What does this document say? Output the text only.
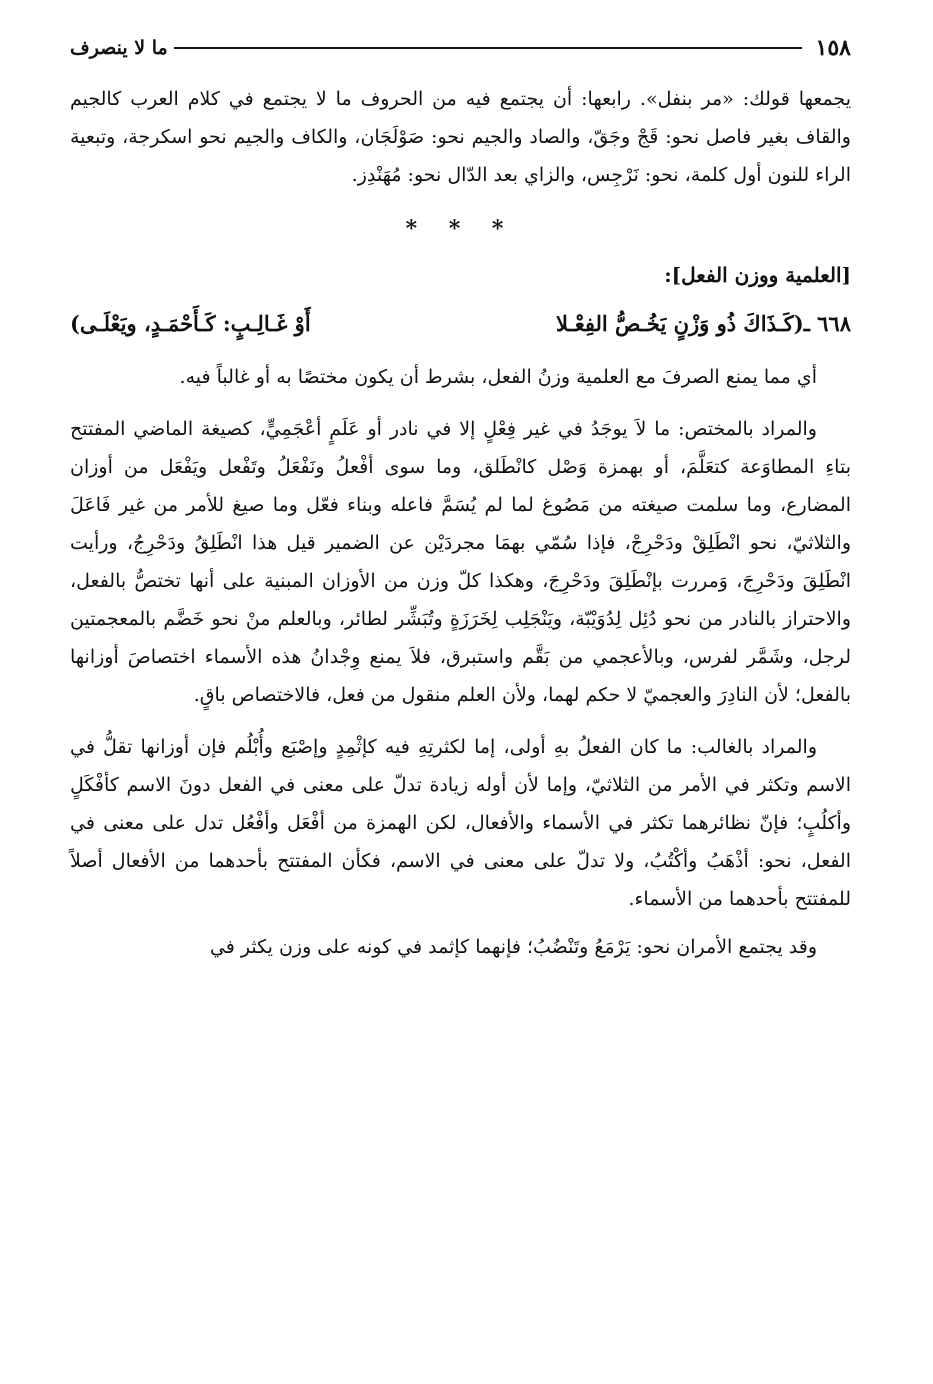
١٥٨
ما لا ينصرف

يجمعها قولك: «مر بنفل». رابعها: أن يجتمع فيه من الحروف ما لا يجتمع في كلام العرب كالجيم والقاف بغير فاصل نحو: قَجْ وجَقّ، والصاد والجيم نحو: صَوْلَجَان، والكاف والجيم نحو اسكرجة، وتبعية الراء للنون أول كلمة، نحو: نَرْجِس، والزاي بعد الدّال نحو: مُهَنْدِز.

* * *
[العلمية ووزن الفعل]:
٦٦٨ ـ
(كَـذَاكَ ذُو وَزْنٍ يَخُـصُّ الفِعْـلا
أَوْ غَـالِـبٍ: كَـأَحْمَـدٍ، ويَعْلَـى)

أي مما يمنع الصرفَ مع العلمية وزنُ الفعل، بشرط أن يكون مختصًا به أو غالباً فيه.

والمراد بالمختص: ما لاَ يوجَدُ في غير فِعْلٍ إلا في نادر أو عَلَمٍ أعْجَمِيٍّ، كصيغة الماضي المفتتح بتاءِ المطاوَعة كتعَلَّمَ، أو بهمزة وَصْل كانْطَلق، وما سوى أفْعلُ ونَفْعَلُ وتَفْعل ويَفْعَل من أوزان المضارع، وما سلمت صيغته من مَصُوغ لما لم يُسَمَّ فاعله وبناء فعّل وما صيغ للأمر من غير فَاعَلَ والثلاثيّ، نحو انْطَلِقْ ودَحْرِجْ، فإذا سُمّي بهمَا مجردَيْن عن الضمير قيل هذا انْطَلِقُ ودَحْرِجُ، ورأيت انْطَلِقَ ودَحْرِجَ، وَمررت بإنْطَلِقَ ودَحْرِجَ، وهكذا كلّ وزن من الأوزان المبنية على أنها تختصُّ بالفعل، والاحتراز بالنادر من نحو دُئِل لِدُوَيْبّة، ويَنْجَلِب لِخَرَزَةٍ وتُبَشِّر لطائر، وبالعلم منْ نحو خَضَّم بالمعجمتين لرجل، وشَمَّر لفرس، وبالأعجمي من بَقَّم واستبرق، فلاَ يمنع وِجْدانُ هذه الأسماء اختصاصَ أوزانها بالفعل؛ لأن النادِرَ والعجميّ لا حكم لهما، ولأن العلم منقول من فعل، فالاختصاص باقٍ.

والمراد بالغالب: ما كان الفعلُ بهِ أولى، إما لكثرتِهِ فيه كإثْمِدٍ وإصْبَع وأُبْلُم فإن أوزانها تقلُّ في الاسم وتكثر في الأمر من الثلاثيّ، وإما لأن أوله زيادة تدلّ على معنى في الفعل دونَ الاسم كأفْكَلٍ وأكلُبٍ؛ فإنّ نظائرهما تكثر في الأسماء والأفعال، لكن الهمزة من أفْعَل وأفْعُل تدل على معنى في الفعل، نحو: أذْهَبُ وأكْتُبُ، ولا تدلّ على معنى في الاسم، فكأن المفتتح بأحدهما من الأفعال أصلاً للمفتتح بأحدهما من الأسماء.

وقد يجتمع الأمران نحو: يَرْمَعُ وتَنْضُبُ؛ فإنهما كإثمد في كونه على وزن يكثر في
